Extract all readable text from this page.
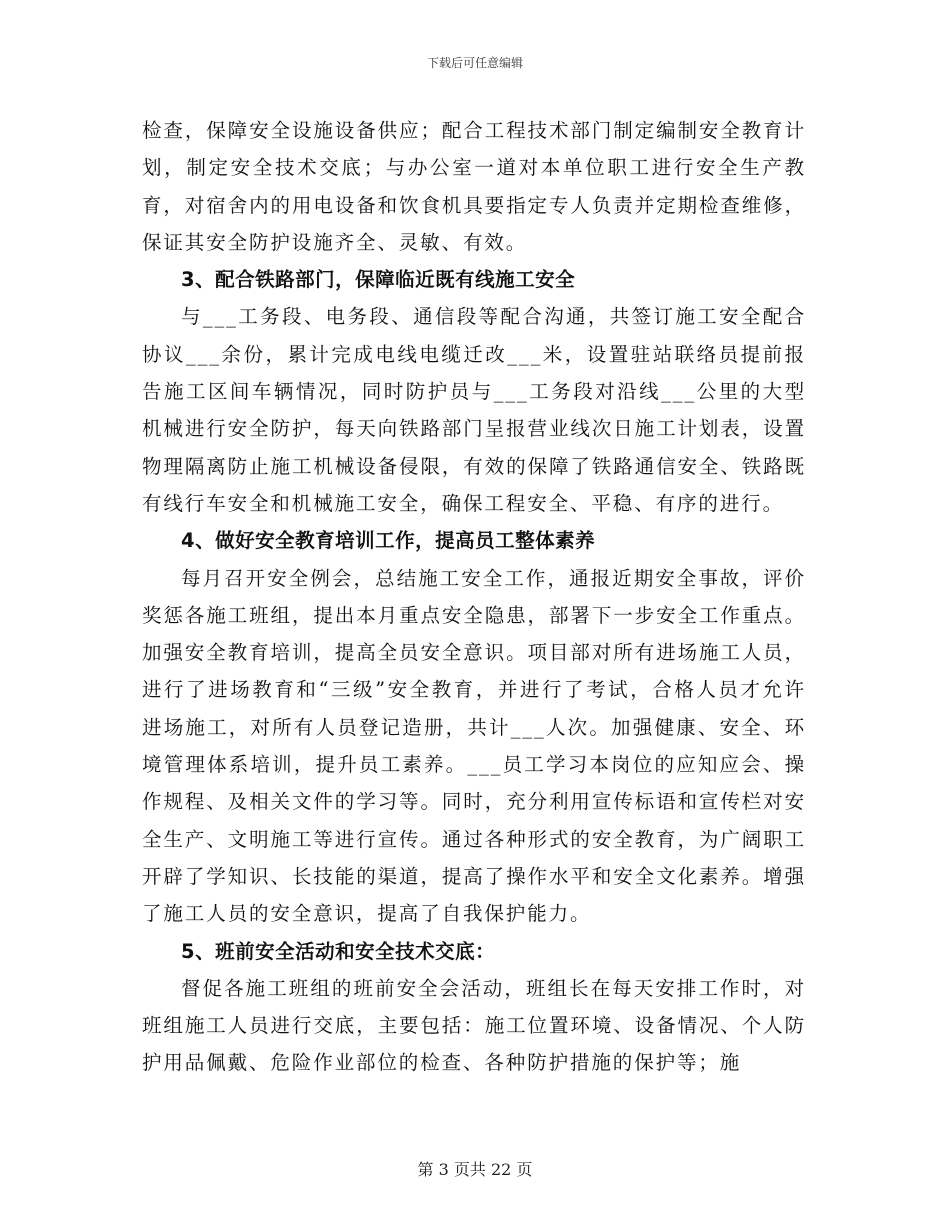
下载后可任意编辑

检查，保障安全设施设备供应；配合工程技术部门制定编制安全教育计划，制定安全技术交底；与办公室一道对本单位职工进行安全生产教育，对宿舍内的用电设备和饮食机具要指定专人负责并定期检查维修，保证其安全防护设施齐全、灵敏、有效。

3、配合铁路部门，保障临近既有线施工安全

与___工务段、电务段、通信段等配合沟通，共签订施工安全配合协议___余份，累计完成电线电缆迁改___米，设置驻站联络员提前报告施工区间车辆情况，同时防护员与___工务段对沿线___公里的大型机械进行安全防护，每天向铁路部门呈报营业线次日施工计划表，设置物理隔离防止施工机械设备侵限，有效的保障了铁路通信安全、铁路既有线行车安全和机械施工安全，确保工程安全、平稳、有序的进行。

4、做好安全教育培训工作，提高员工整体素养

每月召开安全例会，总结施工安全工作，通报近期安全事故，评价奖惩各施工班组，提出本月重点安全隐患，部署下一步安全工作重点。加强安全教育培训，提高全员安全意识。项目部对所有进场施工人员，进行了进场教育和“三级”安全教育，并进行了考试，合格人员才允许进场施工，对所有人员登记造册，共计___人次。加强健康、安全、环境管理体系培训，提升员工素养。___员工学习本岗位的应知应会、操作规程、及相关文件的学习等。同时，充分利用宣传标语和宣传栏对安全生产、文明施工等进行宣传。通过各种形式的安全教育，为广阔职工开辟了学知识、长技能的渠道，提高了操作水平和安全文化素养。增强了施工人员的安全意识，提高了自我保护能力。

5、班前安全活动和安全技术交底：

督促各施工班组的班前安全会活动，班组长在每天安排工作时，对班组施工人员进行交底，主要包括：施工位置环境、设备情况、个人防护用品佩戴、危险作业部位的检查、各种防护措施的保护等；施

第 3 页共 22 页
